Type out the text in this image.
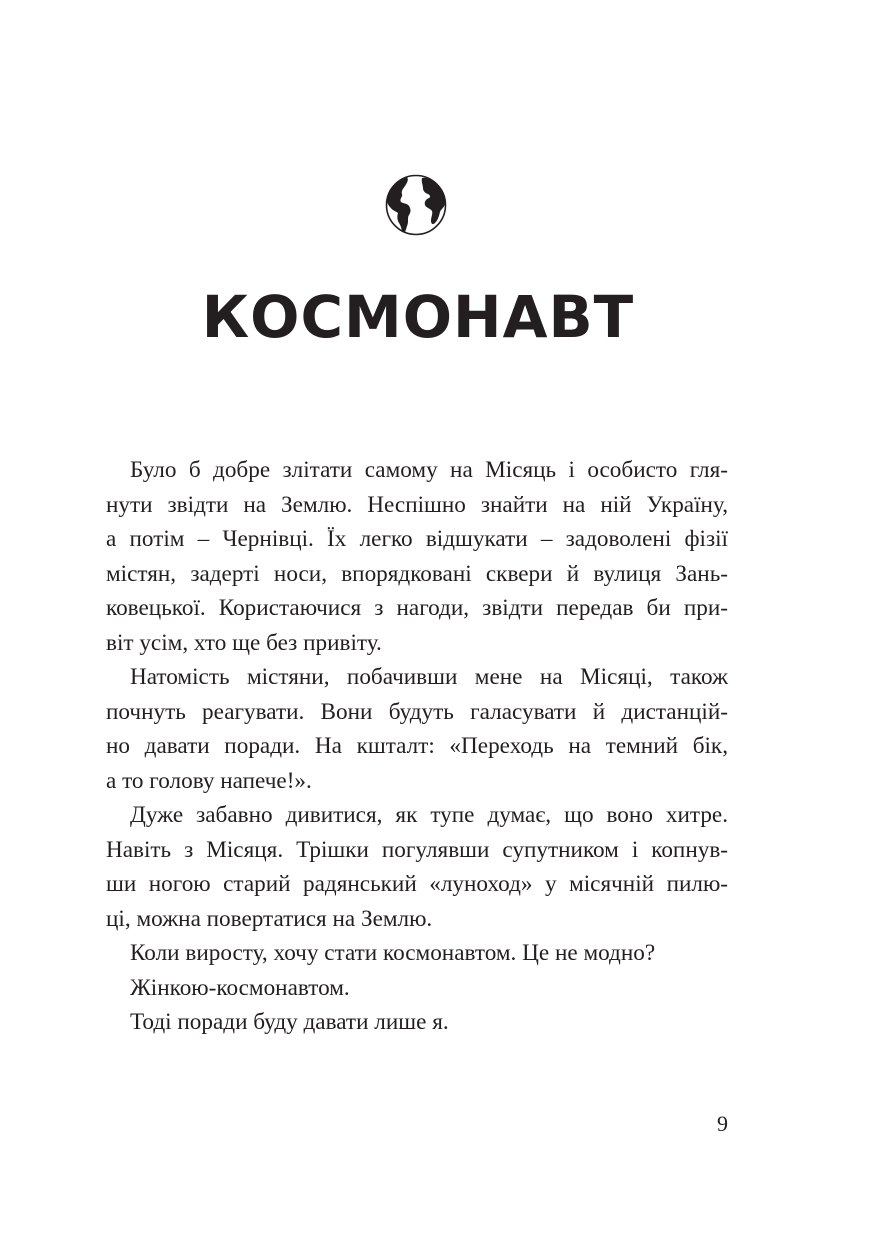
КОСМОНАВТ
Було б добре злітати самому на Місяць і особисто гля-
нути звідти на Землю. Неспішно знайти на ній Україну,
а потім – Чернівці. Їх легко відшукати – задоволені фізії
містян, задерті носи, впорядковані сквери й вулиця Зань-
ковецької. Користаючися з нагоди, звідти передав би при-
віт усім, хто ще без привіту.
Натомість містяни, побачивши мене на Місяці, також
почнуть реагувати. Вони будуть галасувати й дистанцій-
но давати поради. На кшталт: «Переходь на темний бік,
а то голову напече!».
Дуже забавно дивитися, як тупе думає, що воно хитре.
Навіть з Місяця. Трішки погулявши супутником і копнув-
ши ногою старий радянський «луноход» у місячній пилю-
ці, можна повертатися на Землю.
Коли виросту, хочу стати космонавтом. Це не модно?
Жінкою-космонавтом.
Тоді поради буду давати лише я.
9
